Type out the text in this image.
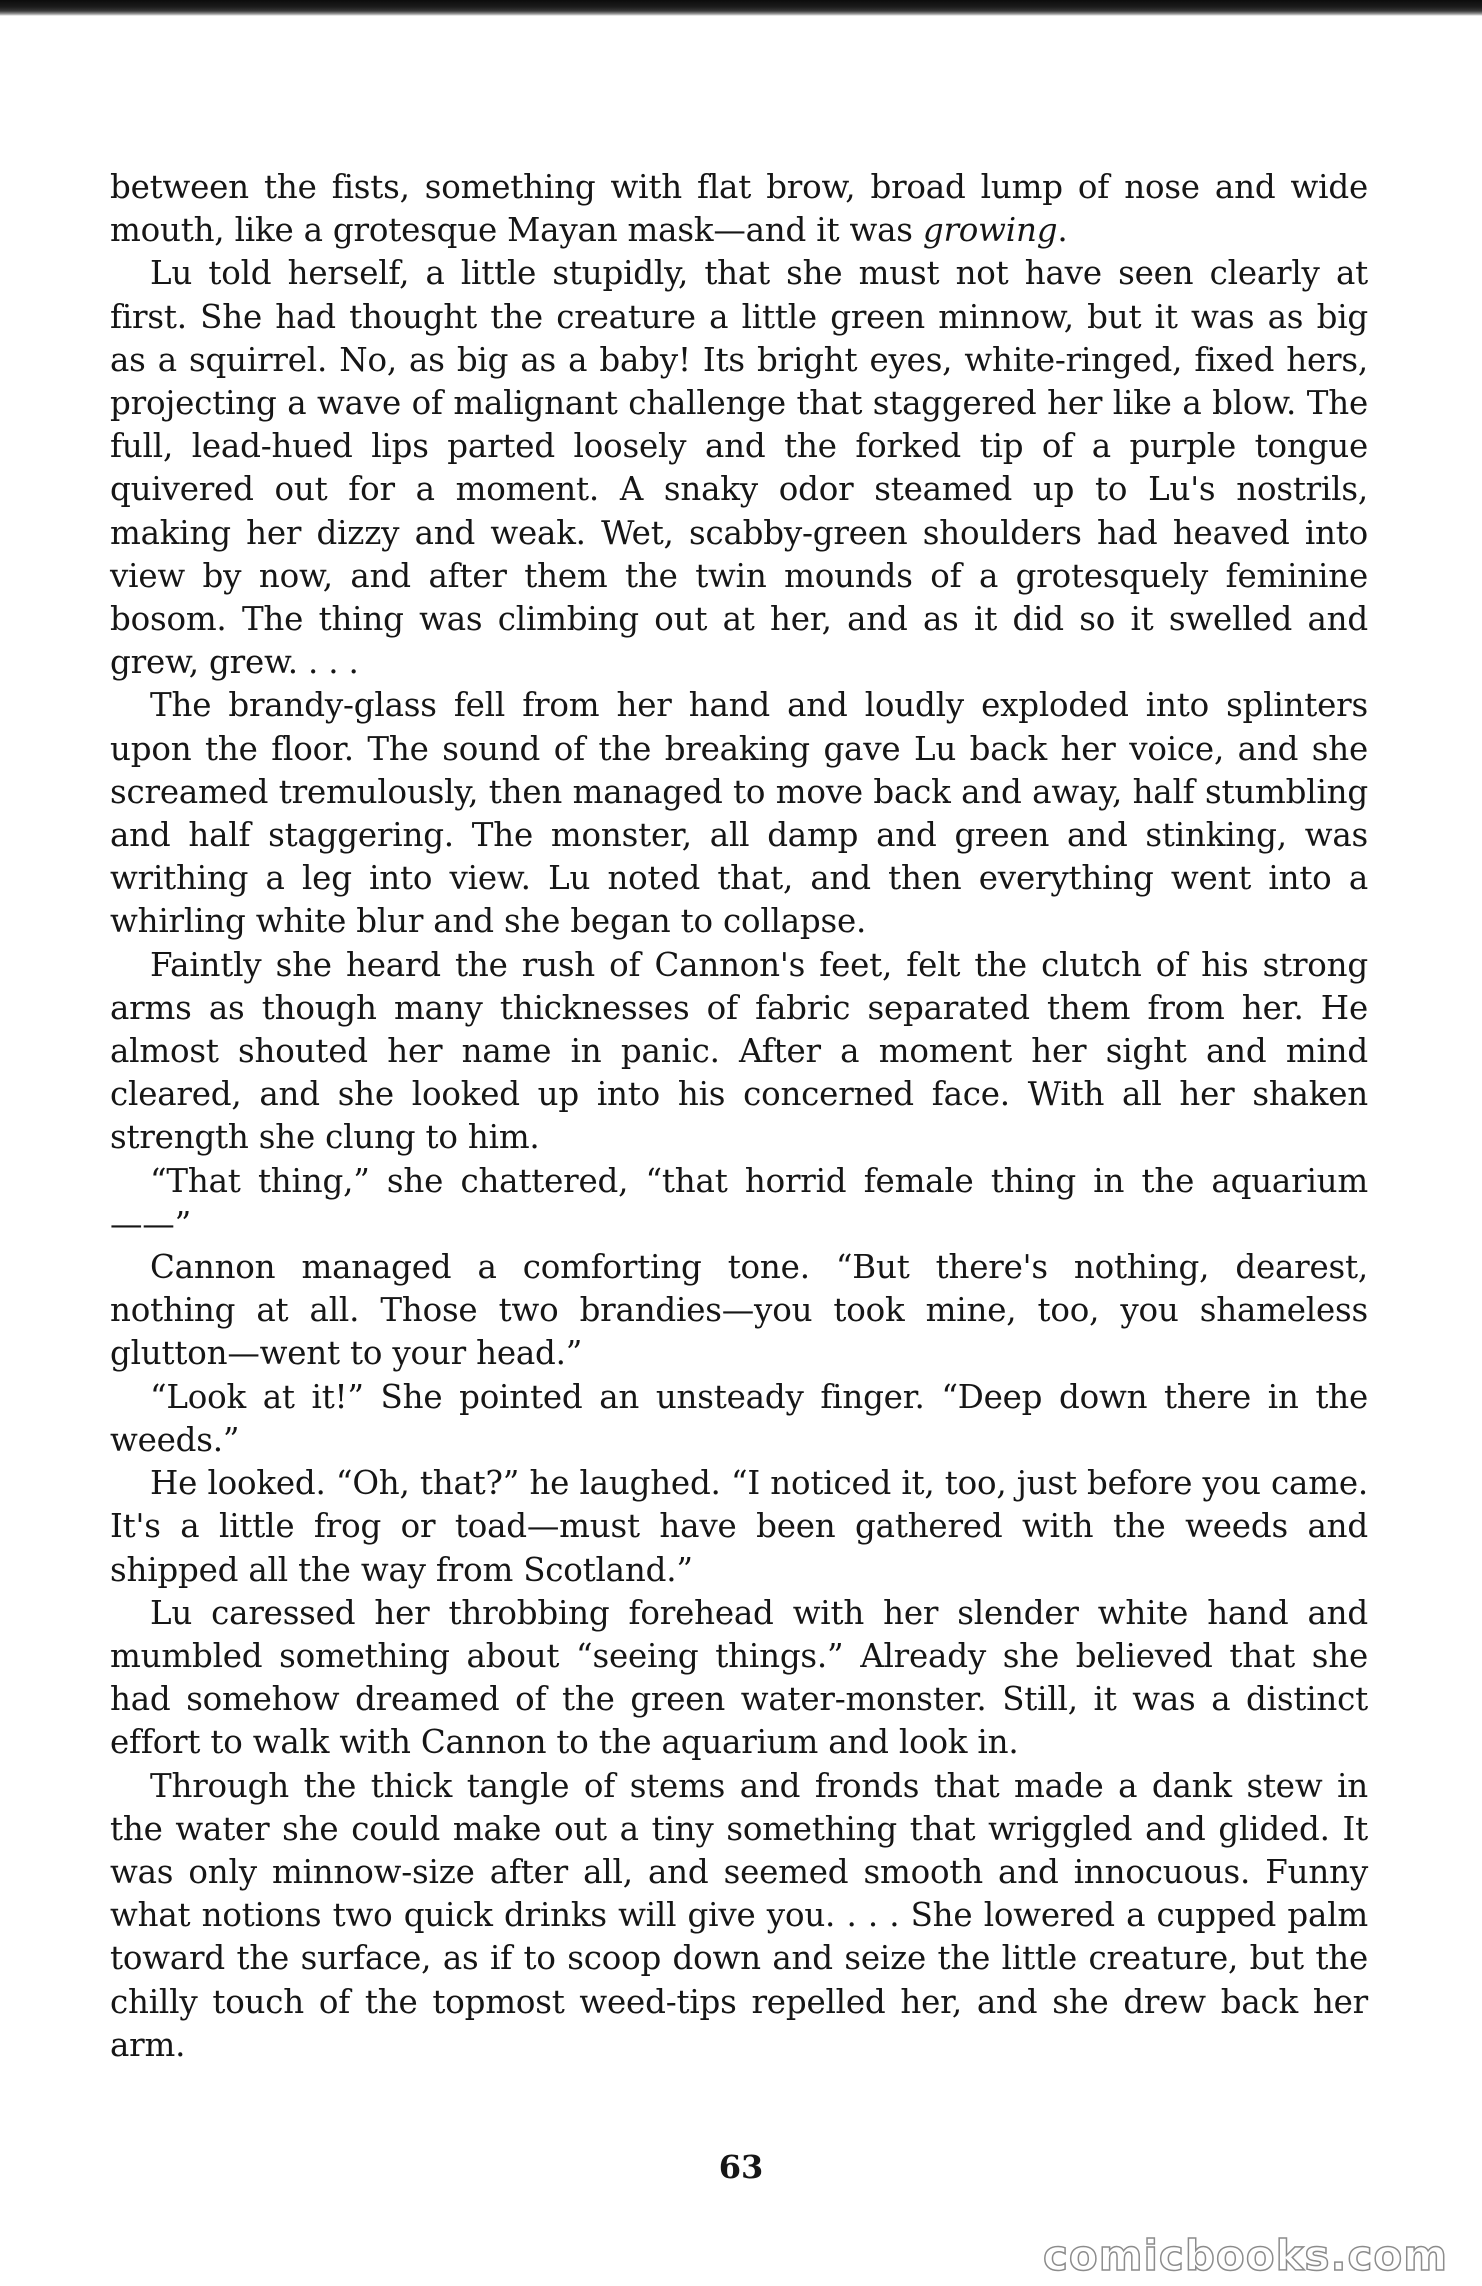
between the fists, something with flat brow, broad lump of nose and wide mouth, like a grotesque Mayan mask—and it was growing.

Lu told herself, a little stupidly, that she must not have seen clearly at first. She had thought the creature a little green minnow, but it was as big as a squirrel. No, as big as a baby! Its bright eyes, white-ringed, fixed hers, projecting a wave of malignant challenge that staggered her like a blow. The full, lead-hued lips parted loosely and the forked tip of a purple tongue quivered out for a moment. A snaky odor steamed up to Lu's nostrils, making her dizzy and weak. Wet, scabby-green shoulders had heaved into view by now, and after them the twin mounds of a grotesquely feminine bosom. The thing was climbing out at her, and as it did so it swelled and grew, grew. . . .

The brandy-glass fell from her hand and loudly exploded into splinters upon the floor. The sound of the breaking gave Lu back her voice, and she screamed tremulously, then managed to move back and away, half stumbling and half staggering. The monster, all damp and green and stinking, was writhing a leg into view. Lu noted that, and then everything went into a whirling white blur and she began to collapse.

Faintly she heard the rush of Cannon's feet, felt the clutch of his strong arms as though many thicknesses of fabric separated them from her. He almost shouted her name in panic. After a moment her sight and mind cleared, and she looked up into his concerned face. With all her shaken strength she clung to him.

“That thing,” she chattered, “that horrid female thing in the aquarium——”

Cannon managed a comforting tone. “But there's nothing, dearest, nothing at all. Those two brandies—you took mine, too, you shameless glutton—went to your head.”

“Look at it!” She pointed an unsteady finger. “Deep down there in the weeds.”

He looked. “Oh, that?” he laughed. “I noticed it, too, just before you came. It's a little frog or toad—must have been gathered with the weeds and shipped all the way from Scotland.”

Lu caressed her throbbing forehead with her slender white hand and mumbled something about “seeing things.” Already she believed that she had somehow dreamed of the green water-monster. Still, it was a distinct effort to walk with Cannon to the aquarium and look in.

Through the thick tangle of stems and fronds that made a dank stew in the water she could make out a tiny something that wriggled and glided. It was only minnow-size after all, and seemed smooth and innocuous. Funny what notions two quick drinks will give you. . . . She lowered a cupped palm toward the surface, as if to scoop down and seize the little creature, but the chilly touch of the topmost weed-tips repelled her, and she drew back her arm.

63
comicbooks.com
